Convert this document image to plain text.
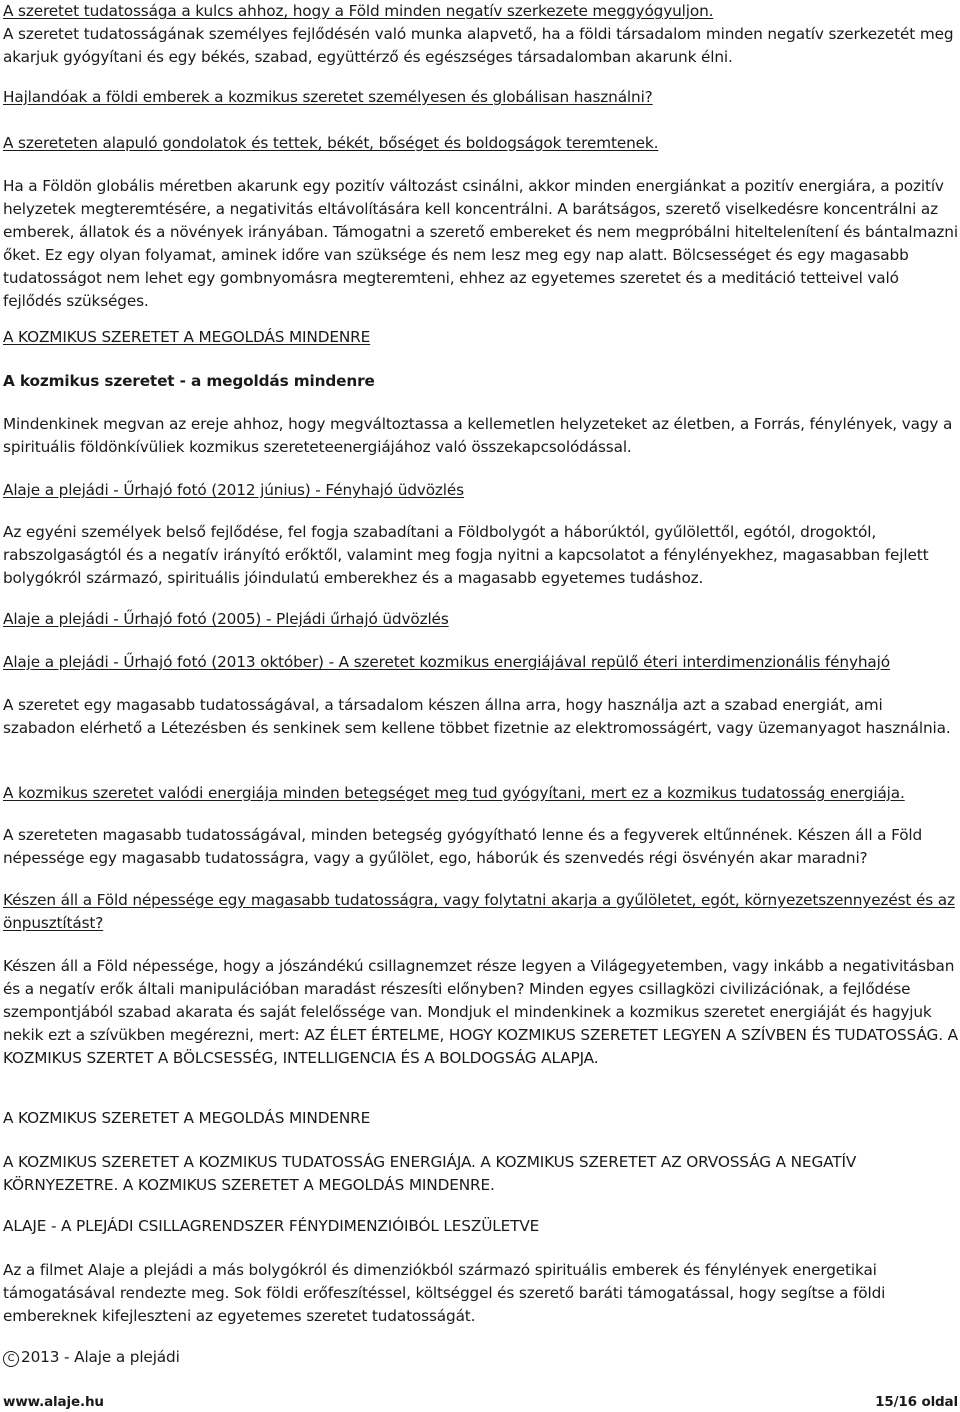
A szeretet tudatossága a kulcs ahhoz, hogy a Föld minden negatív szerkezete meggyógyuljon.

A szeretet tudatosságának személyes fejlődésén való munka alapvető, ha a földi társadalom minden negatív szerkezetét meg akarjuk gyógyítani és egy békés, szabad, együttérző és egészséges társadalomban akarunk élni.

Hajlandóak a földi emberek a kozmikus szeretet személyesen és globálisan használni?

A szereteten alapuló gondolatok és tettek, békét, bőséget és boldogságok teremtenek.

Ha a Földön globális méretben akarunk egy pozitív változást csinálni, akkor minden energiánkat a pozitív energiára, a pozitív helyzetek megteremtésére, a negativitás eltávolítására kell koncentrálni. A barátságos, szerető viselkedésre koncentrálni az emberek, állatok és a növények irányában. Támogatni a szerető embereket és nem megpróbálni hiteltelenítení és bántalmazni őket. Ez egy olyan folyamat, aminek időre van szüksége és nem lesz meg egy nap alatt. Bölcsességet és egy magasabb tudatosságot nem lehet egy gombnyomásra megteremteni, ehhez az egyetemes szeretet és a meditáció tetteivel való fejlődés szükséges.

A KOZMIKUS SZERETET A MEGOLDÁS MINDENRE

A kozmikus szeretet - a megoldás mindenre

Mindenkinek megvan az ereje ahhoz, hogy megváltoztassa a kellemetlen helyzeteket az életben, a Forrás, fénylények, vagy a spirituális földönkívüliek kozmikus szereteteenergiájához való összekapcsolódással.

Alaje a plejádi - Űrhajó fotó (2012 június) - Fényhajó üdvözlés

Az egyéni személyek belső fejlődése, fel fogja szabadítani a Földbolygót a háborúktól, gyűlölettől, egótól, drogoktól, rabszolgaságtól és a negatív irányító erőktől, valamint meg fogja nyitni a kapcsolatot a fénylényekhez, magasabban fejlett bolygókról származó, spirituális jóindulatú emberekhez és a magasabb egyetemes tudáshoz.

Alaje a plejádi - Űrhajó fotó (2005) - Plejádi űrhajó üdvözlés

Alaje a plejádi - Űrhajó fotó (2013 október) - A szeretet kozmikus energiájával repülő éteri interdimenzionális fényhajó

A szeretet egy magasabb tudatosságával, a társadalom készen állna arra, hogy használja azt a szabad energiát, ami szabadon elérhető a Létezésben és senkinek sem kellene többet fizetnie az elektromosságért, vagy üzemanyagot használnia.

A kozmikus szeretet valódi energiája minden betegséget meg tud gyógyítani, mert ez a kozmikus tudatosság energiája.

A szereteten magasabb tudatosságával, minden betegség gyógyítható lenne és a fegyverek eltűnnének. Készen áll a Föld népessége egy magasabb tudatosságra, vagy a gyűlölet, ego, háborúk és szenvedés régi ösvényén akar maradni?

Készen áll a Föld népessége egy magasabb tudatosságra, vagy folytatni akarja a gyűlöletet, egót, környezetszennyezést és az önpusztítást?

Készen áll a Föld népessége, hogy a jószándékú csillagnemzet része legyen a Világegyetemben, vagy inkább a negativitásban és a negatív erők általi manipulációban maradást részesíti előnyben? Minden egyes csillagközi civilizációnak, a fejlődése szempontjából szabad akarata és saját felelőssége van. Mondjuk el mindenkinek a kozmikus szeretet energiáját és hagyjuk nekik ezt a szívükben megérezni, mert: AZ ÉLET ÉRTELME, HOGY KOZMIKUS SZERETET LEGYEN A SZÍVBEN ÉS TUDATOSSÁG. A KOZMIKUS SZERTET A BÖLCSESSÉG, INTELLIGENCIA ÉS A BOLDOGSÁG ALAPJA.

A KOZMIKUS SZERETET A MEGOLDÁS MINDENRE

A KOZMIKUS SZERETET A KOZMIKUS TUDATOSSÁG ENERGIÁJA. A KOZMIKUS SZERETET AZ ORVOSSÁG A NEGATÍV KÖRNYEZETRE. A KOZMIKUS SZERETET A MEGOLDÁS MINDENRE.

ALAJE - A PLEJÁDI CSILLAGRENDSZER FÉNYDIMENZIÓIBÓL LESZÜLETVE

Az a filmet Alaje a plejádi a más bolygókról és dimenziókból származó spirituális emberek és fénylények energetikai támogatásával rendezte meg. Sok földi erőfeszítéssel, költséggel és szerető baráti támogatással, hogy segítse a földi embereknek kifejleszteni az egyetemes szeretet tudatosságát.

C 2013 - Alaje a plejádi

www.alaje.hu	15/16 oldal
